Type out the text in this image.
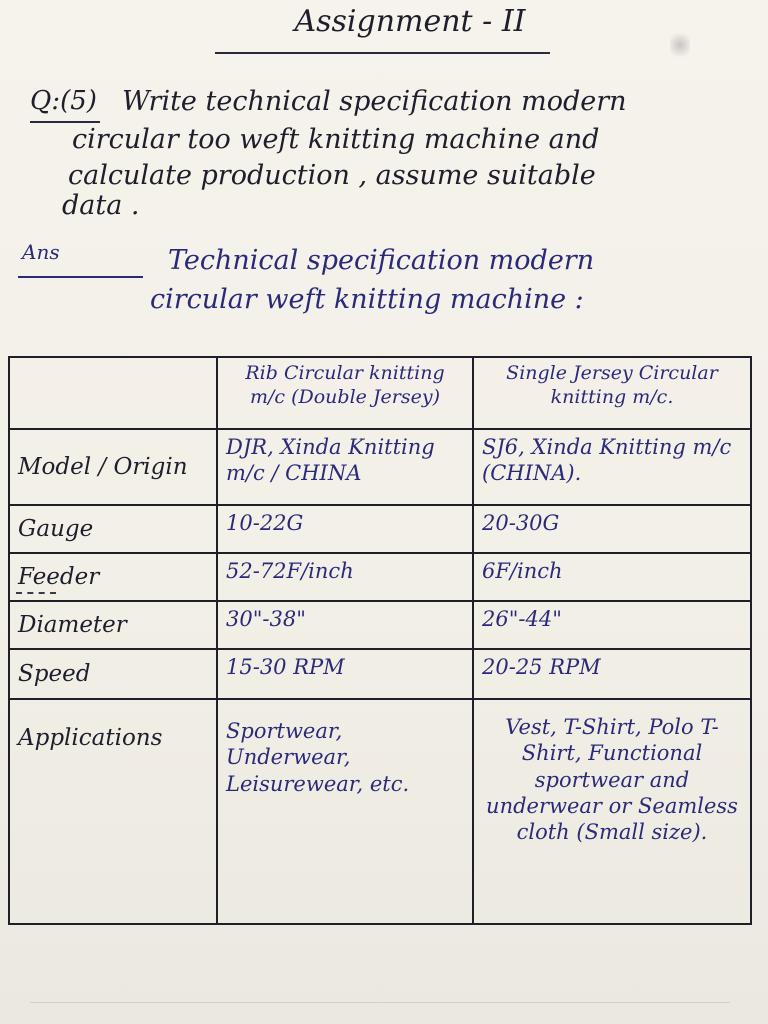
Assignment - II
Q:(5) Write technical specification modern
circular too weft knitting machine and
calculate production , assume suitable
data .
Ans	Technical specification modern
circular weft knitting machine :
	Rib Circular knitting m/c (Double Jersey)	Single Jersey Circular knitting m/c.
Model / Origin	DJR, Xinda Knitting m/c / CHINA	SJ6, Xinda Knitting m/c (CHINA).
Gauge	10-22G	20-30G
Feeder	52-72F/inch	6F/inch
Diameter	30"-38"	26"-44"
Speed	15-30 RPM	20-25 RPM
Applications	Sportwear, Underwear, Leisurewear, etc.	Vest, T-Shirt, Polo T-Shirt, Functional sportwear and underwear or Seamless cloth (Small size).
